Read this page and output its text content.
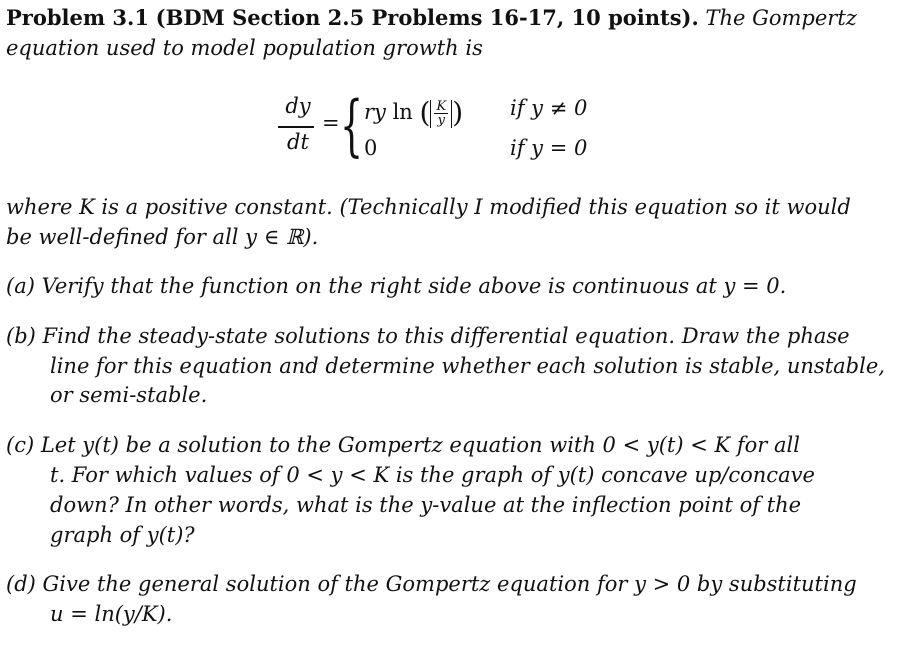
Problem 3.1 (BDM Section 2.5 Problems 16-17, 10 points). The Gompertz
equation used to model population growth is
dy
dt
= { ry ln ( $\frac{K}{y}$ ) if y ≠ 0
0	if y = 0
where K is a positive constant. (Technically I modified this equation so it would
be well-defined for all y ∈ ℝ).
(a) Verify that the function on the right side above is continuous at y = 0.
(b) Find the steady-state solutions to this differential equation. Draw the phase
line for this equation and determine whether each solution is stable, unstable,
or semi-stable.
(c) Let y(t) be a solution to the Gompertz equation with 0 < y(t) < K for all
t. For which values of 0 < y < K is the graph of y(t) concave up/concave
down? In other words, what is the y-value at the inflection point of the
graph of y(t)?
(d) Give the general solution of the Gompertz equation for y > 0 by substituting
u = ln(y/K).
